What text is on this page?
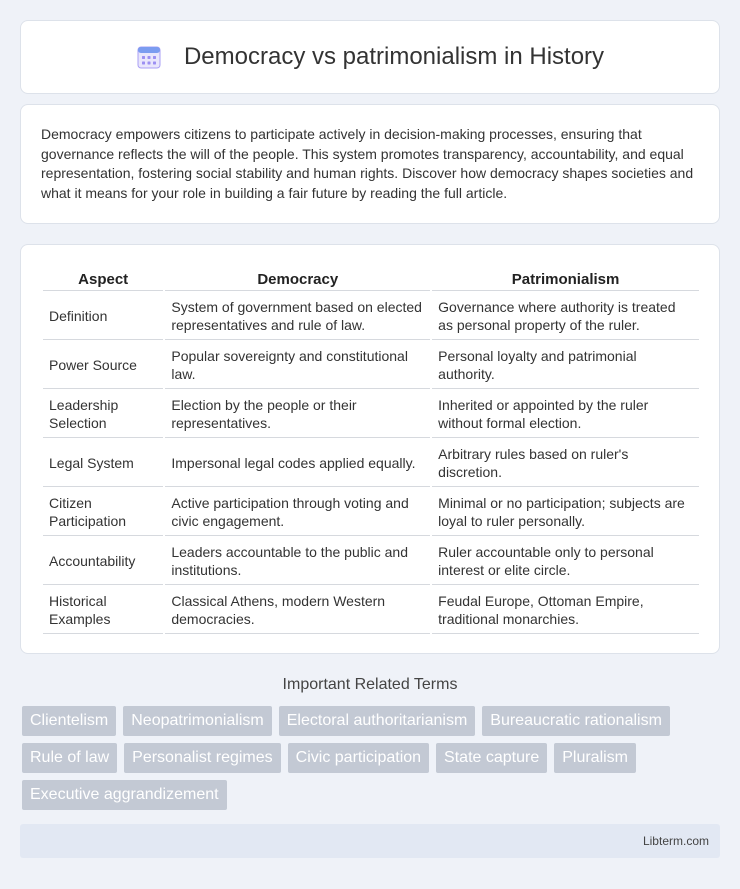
Democracy vs patrimonialism in History

Democracy empowers citizens to participate actively in decision-making processes, ensuring that governance reflects the will of the people. This system promotes transparency, accountability, and equal representation, fostering social stability and human rights. Discover how democracy shapes societies and what it means for your role in building a fair future by reading the full article.

Aspect	Democracy	Patrimonialism
Definition	System of government based on elected representatives and rule of law.	Governance where authority is treated as personal property of the ruler.
Power Source	Popular sovereignty and constitutional law.	Personal loyalty and patrimonial authority.
Leadership Selection	Election by the people or their representatives.	Inherited or appointed by the ruler without formal election.
Legal System	Impersonal legal codes applied equally.	Arbitrary rules based on ruler's discretion.
Citizen Participation	Active participation through voting and civic engagement.	Minimal or no participation; subjects are loyal to ruler personally.
Accountability	Leaders accountable to the public and institutions.	Ruler accountable only to personal interest or elite circle.
Historical Examples	Classical Athens, modern Western democracies.	Feudal Europe, Ottoman Empire, traditional monarchies.
Important Related Terms
Clientelism	Neopatrimonialism	Electoral authoritarianism	Bureaucratic rationalism
Rule of law	Personalist regimes	Civic participation	State capture	Pluralism
Executive aggrandizement
Libterm.com
